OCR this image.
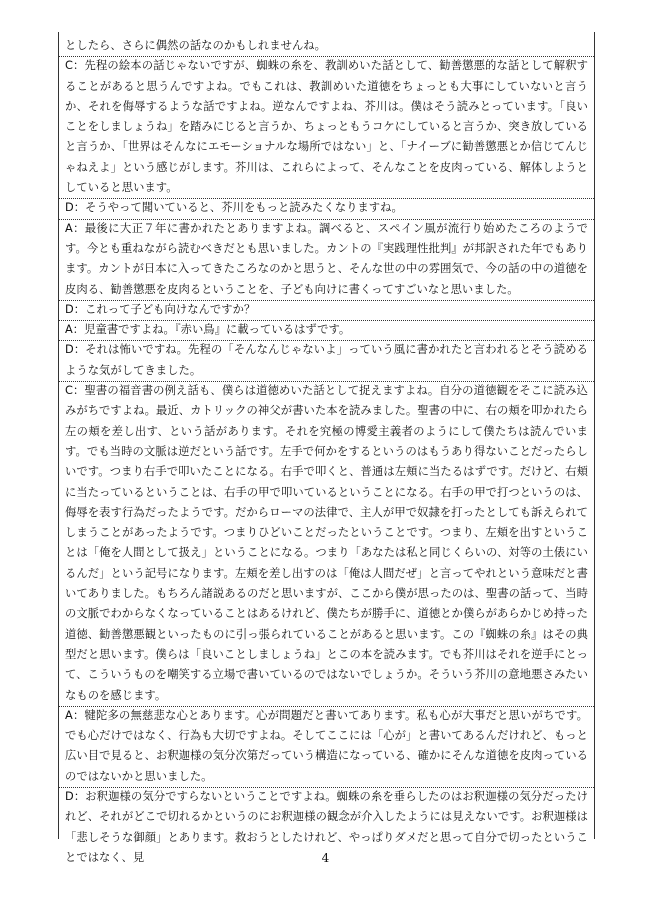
としたら、さらに偶然の話なのかもしれませんね。

C：先程の絵本の話じゃないですが、蜘蛛の糸を、教訓めいた話として、勧善懲悪的な話として解釈することがあると思うんですよね。でもこれは、教訓めいた道徳をちょっとも大事にしていないと言うか、それを侮辱するような話ですよね。逆なんですよね、芥川は。僕はそう読みとっています。「良いことをしましょうね」を踏みにじると言うか、ちょっともうコケにしていると言うか、突き放していると言うか、「世界はそんなにエモーショナルな場所ではない」と、「ナイーブに勧善懲悪とか信じてんじゃねえよ」という感じがします。芥川は、これらによって、そんなことを皮肉っている、解体しようとしていると思います。

D：そうやって聞いていると、芥川をもっと読みたくなりますね。

A：最後に大正７年に書かれたとありますよね。調べると、スペイン風が流行り始めたころのようです。今とも重ねながら読むべきだとも思いました。カントの『実践理性批判』が邦訳された年でもあります。カントが日本に入ってきたころなのかと思うと、そんな世の中の雰囲気で、今の話の中の道徳を皮肉る、勧善懲悪を皮肉るということを、子ども向けに書くってすごいなと思いました。

D：これって子ども向けなんですか？

A：児童書ですよね。『赤い鳥』に載っているはずです。

D：それは怖いですね。先程の「そんなんじゃないよ」っていう風に書かれたと言われるとそう読めるような気がしてきました。

C：聖書の福音書の例え話も、僕らは道徳めいた話として捉えますよね。自分の道徳観をそこに読み込みがちですよね。最近、カトリックの神父が書いた本を読みました。聖書の中に、右の頬を叩かれたら左の頬を差し出す、という話があります。それを究極の博愛主義者のようにして僕たちは読んでいます。でも当時の文脈は逆だという話です。左手で何かをするというのはもうあり得ないことだったらしいです。つまり右手で叩いたことになる。右手で叩くと、普通は左頬に当たるはずです。だけど、右頬に当たっているということは、右手の甲で叩いているということになる。右手の甲で打つというのは、侮辱を表す行為だったようです。だからローマの法律で、主人が甲で奴隷を打ったとしても訴えられてしまうことがあったようです。つまりひどいことだったということです。つまり、左頬を出すということは「俺を人間として扱え」ということになる。つまり「あなたは私と同じくらいの、対等の土俵にいるんだ」という記号になります。左頬を差し出すのは「俺は人間だぜ」と言ってやれという意味だと書いてありました。もちろん諸説あるのだと思いますが、ここから僕が思ったのは、聖書の話って、当時の文脈でわからなくなっていることはあるけれど、僕たちが勝手に、道徳とか僕らがあらかじめ持った道徳、勧善懲悪観といったものに引っ張られていることがあると思います。この『蜘蛛の糸』はその典型だと思います。僕らは「良いことしましょうね」とこの本を読みます。でも芥川はそれを逆手にとって、こういうものを嘲笑する立場で書いているのではないでしょうか。そういう芥川の意地悪さみたいなものを感じます。

A：犍陀多の無慈悲な心とあります。心が問題だと書いてあります。私も心が大事だと思いがちです。でも心だけではなく、行為も大切ですよね。そしてここには「心が」と書いてあるんだけれど、もっと広い目で見ると、お釈迦様の気分次第だっていう構造になっている、確かにそんな道徳を皮肉っているのではないかと思いました。

D：お釈迦様の気分ですらないということですよね。蜘蛛の糸を垂らしたのはお釈迦様の気分だったけれど、それがどこで切れるかというのにお釈迦様の観念が介入したようには見えないです。お釈迦様は「悲しそうな御顔」とあります。救おうとしたけれど、やっぱりダメだと思って自分で切ったということではなく、見	4
